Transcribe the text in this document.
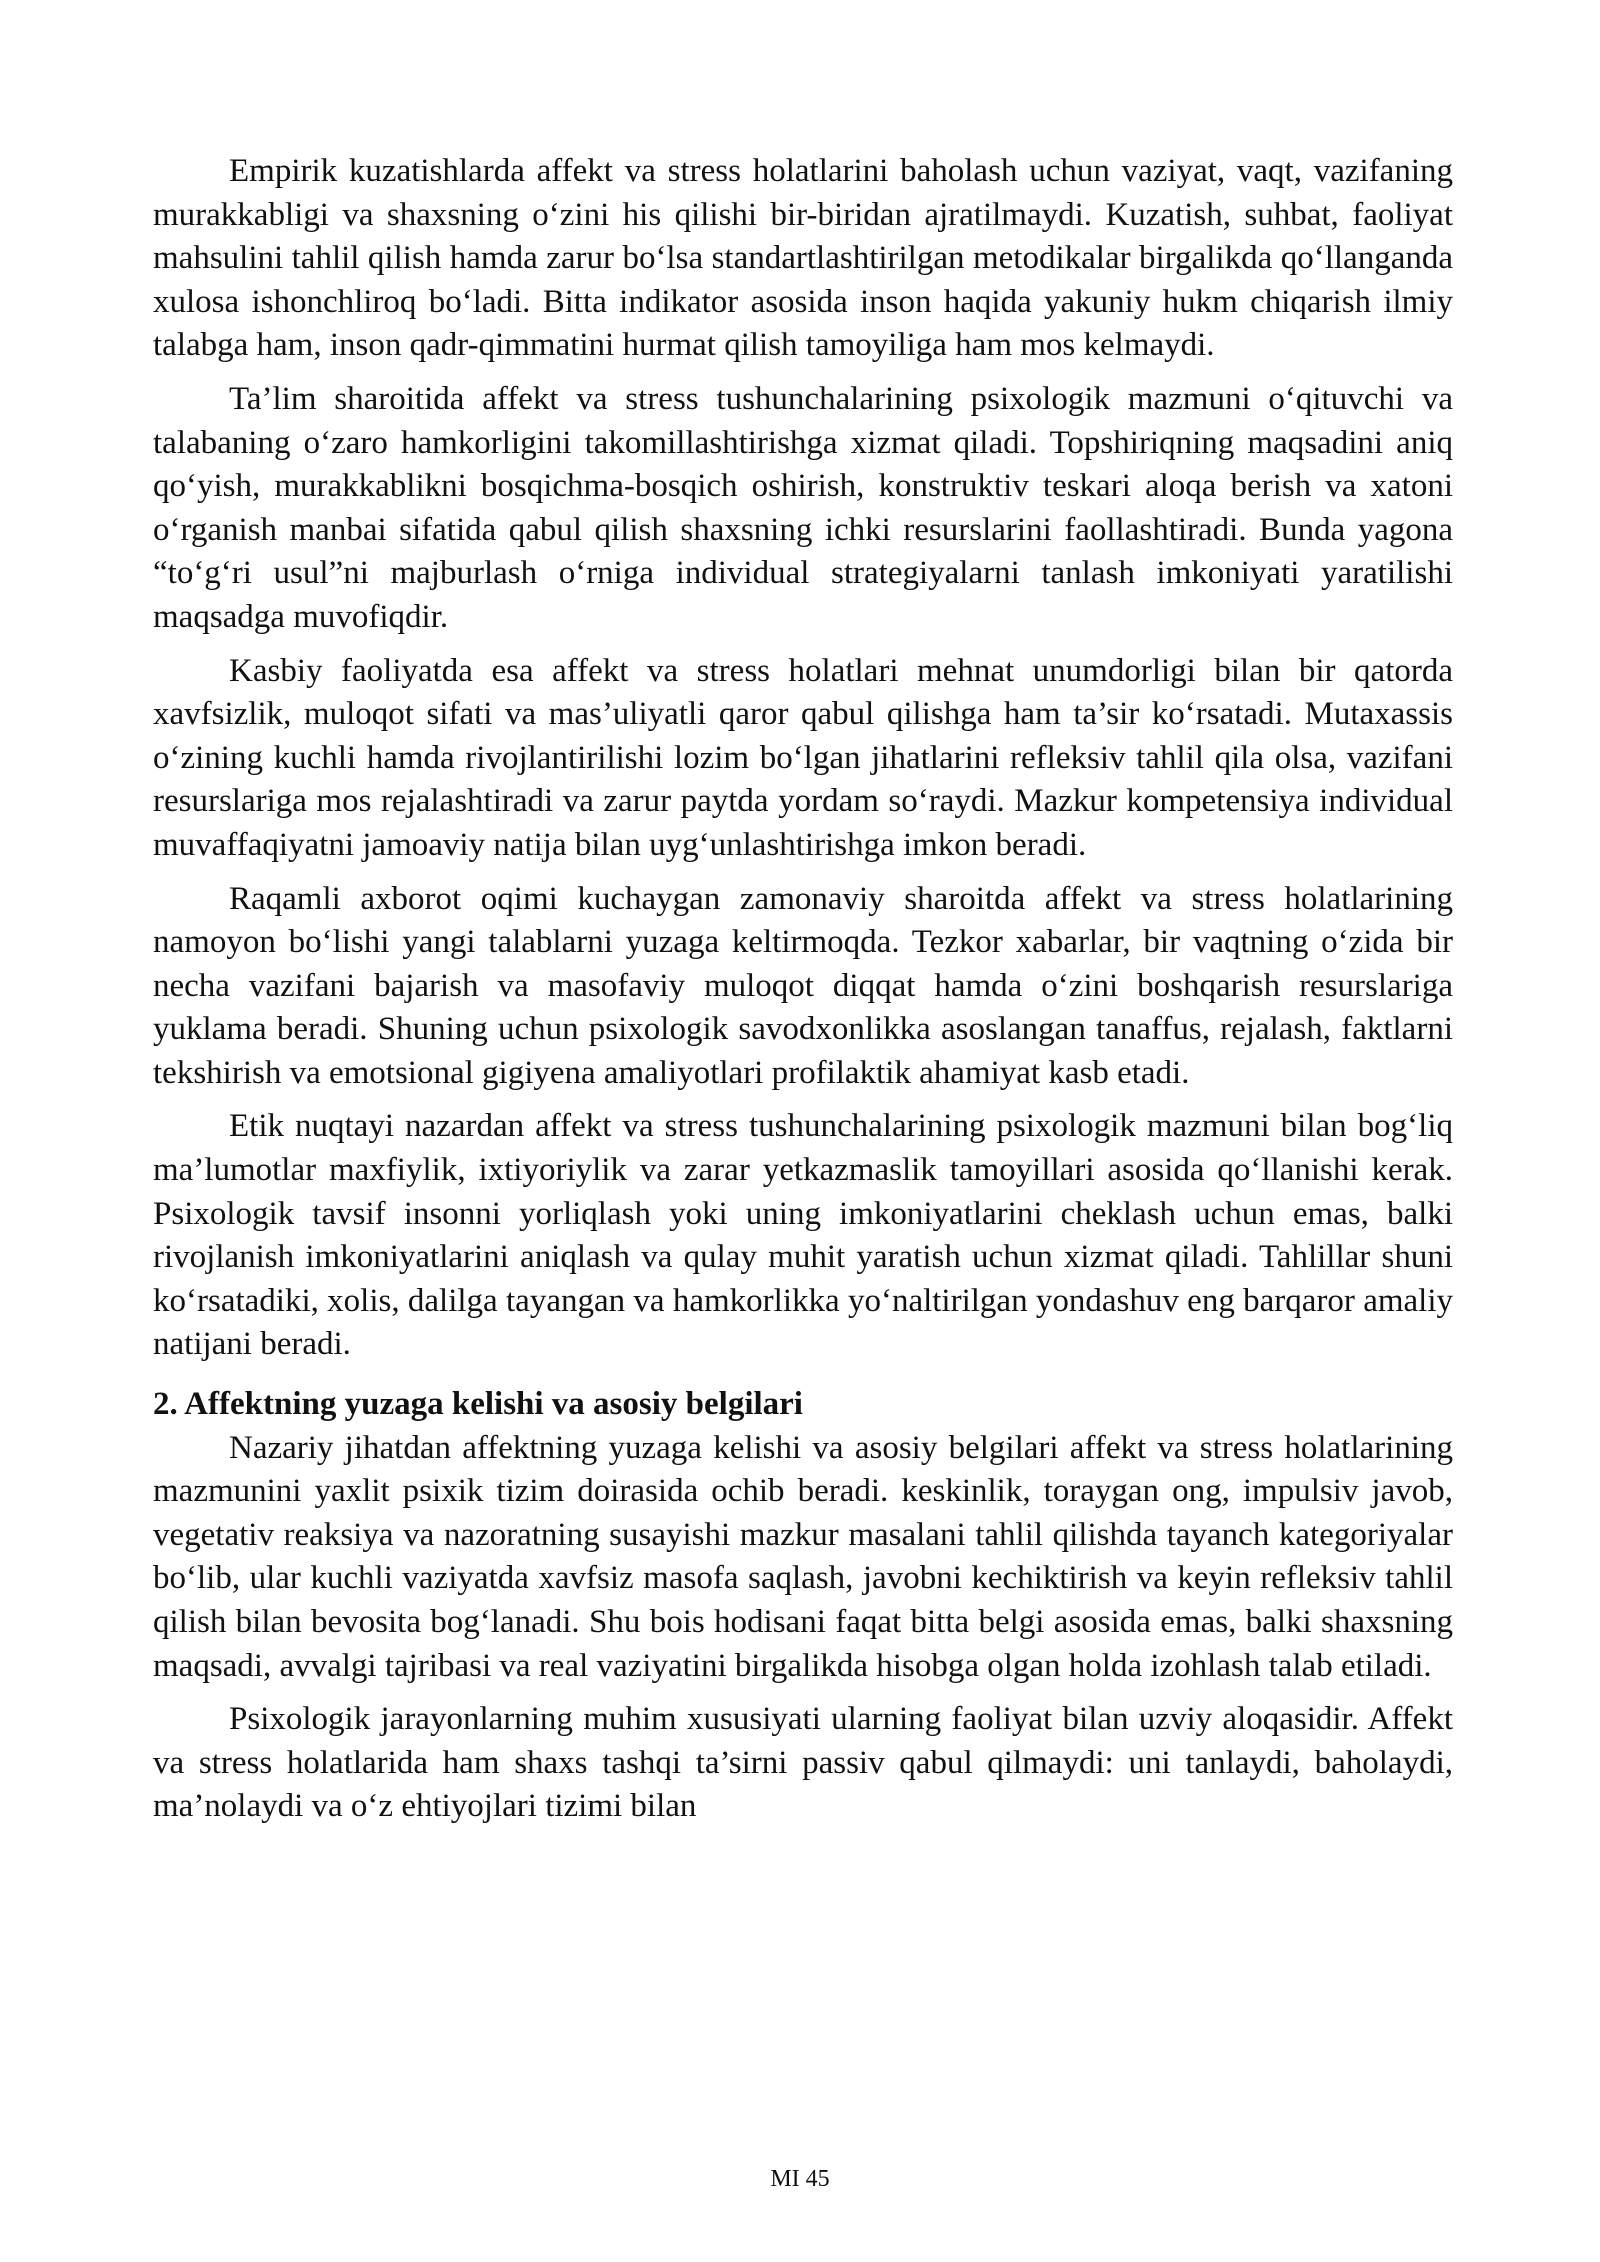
Empirik kuzatishlarda affekt va stress holatlarini baholash uchun vaziyat, vaqt, vazifaning murakkabligi va shaxsning o‘zini his qilishi bir-biridan ajratilmaydi. Kuzatish, suhbat, faoliyat mahsulini tahlil qilish hamda zarur bo‘lsa standartlashtirilgan metodikalar birgalikda qo‘llanganda xulosa ishonchliroq bo‘ladi. Bitta indikator asosida inson haqida yakuniy hukm chiqarish ilmiy talabga ham, inson qadr-qimmatini hurmat qilish tamoyiliga ham mos kelmaydi.

Ta’lim sharoitida affekt va stress tushunchalarining psixologik mazmuni o‘qituvchi va talabaning o‘zaro hamkorligini takomillashtirishga xizmat qiladi. Topshiriqning maqsadini aniq qo‘yish, murakkablikni bosqichma-bosqich oshirish, konstruktiv teskari aloqa berish va xatoni o‘rganish manbai sifatida qabul qilish shaxsning ichki resurslarini faollashtiradi. Bunda yagona “to‘g‘ri usul”ni majburlash o‘rniga individual strategiyalarni tanlash imkoniyati yaratilishi maqsadga muvofiqdir.

Kasbiy faoliyatda esa affekt va stress holatlari mehnat unumdorligi bilan bir qatorda xavfsizlik, muloqot sifati va mas’uliyatli qaror qabul qilishga ham ta’sir ko‘rsatadi. Mutaxassis o‘zining kuchli hamda rivojlantirilishi lozim bo‘lgan jihatlarini refleksiv tahlil qila olsa, vazifani resurslariga mos rejalashtiradi va zarur paytda yordam so‘raydi. Mazkur kompetensiya individual muvaffaqiyatni jamoaviy natija bilan uyg‘unlashtirishga imkon beradi.

Raqamli axborot oqimi kuchaygan zamonaviy sharoitda affekt va stress holatlarining namoyon bo‘lishi yangi talablarni yuzaga keltirmoqda. Tezkor xabarlar, bir vaqtning o‘zida bir necha vazifani bajarish va masofaviy muloqot diqqat hamda o‘zini boshqarish resurslariga yuklama beradi. Shuning uchun psixologik savodxonlikka asoslangan tanaffus, rejalash, faktlarni tekshirish va emotsional gigiyena amaliyotlari profilaktik ahamiyat kasb etadi.

Etik nuqtayi nazardan affekt va stress tushunchalarining psixologik mazmuni bilan bog‘liq ma’lumotlar maxfiylik, ixtiyoriylik va zarar yetkazmaslik tamoyillari asosida qo‘llanishi kerak. Psixologik tavsif insonni yorliqlash yoki uning imkoniyatlarini cheklash uchun emas, balki rivojlanish imkoniyatlarini aniqlash va qulay muhit yaratish uchun xizmat qiladi. Tahlillar shuni ko‘rsatadiki, xolis, dalilga tayangan va hamkorlikka yo‘naltirilgan yondashuv eng barqaror amaliy natijani beradi.

2. Affektning yuzaga kelishi va asosiy belgilari

Nazariy jihatdan affektning yuzaga kelishi va asosiy belgilari affekt va stress holatlarining mazmunini yaxlit psixik tizim doirasida ochib beradi. keskinlik, toraygan ong, impulsiv javob, vegetativ reaksiya va nazoratning susayishi mazkur masalani tahlil qilishda tayanch kategoriyalar bo‘lib, ular kuchli vaziyatda xavfsiz masofa saqlash, javobni kechiktirish va keyin refleksiv tahlil qilish bilan bevosita bog‘lanadi. Shu bois hodisani faqat bitta belgi asosida emas, balki shaxsning maqsadi, avvalgi tajribasi va real vaziyatini birgalikda hisobga olgan holda izohlash talab etiladi.

Psixologik jarayonlarning muhim xususiyati ularning faoliyat bilan uzviy aloqasidir. Affekt va stress holatlarida ham shaxs tashqi ta’sirni passiv qabul qilmaydi: uni tanlaydi, baholaydi, ma’nolaydi va o‘z ehtiyojlari tizimi bilan

MI 45
